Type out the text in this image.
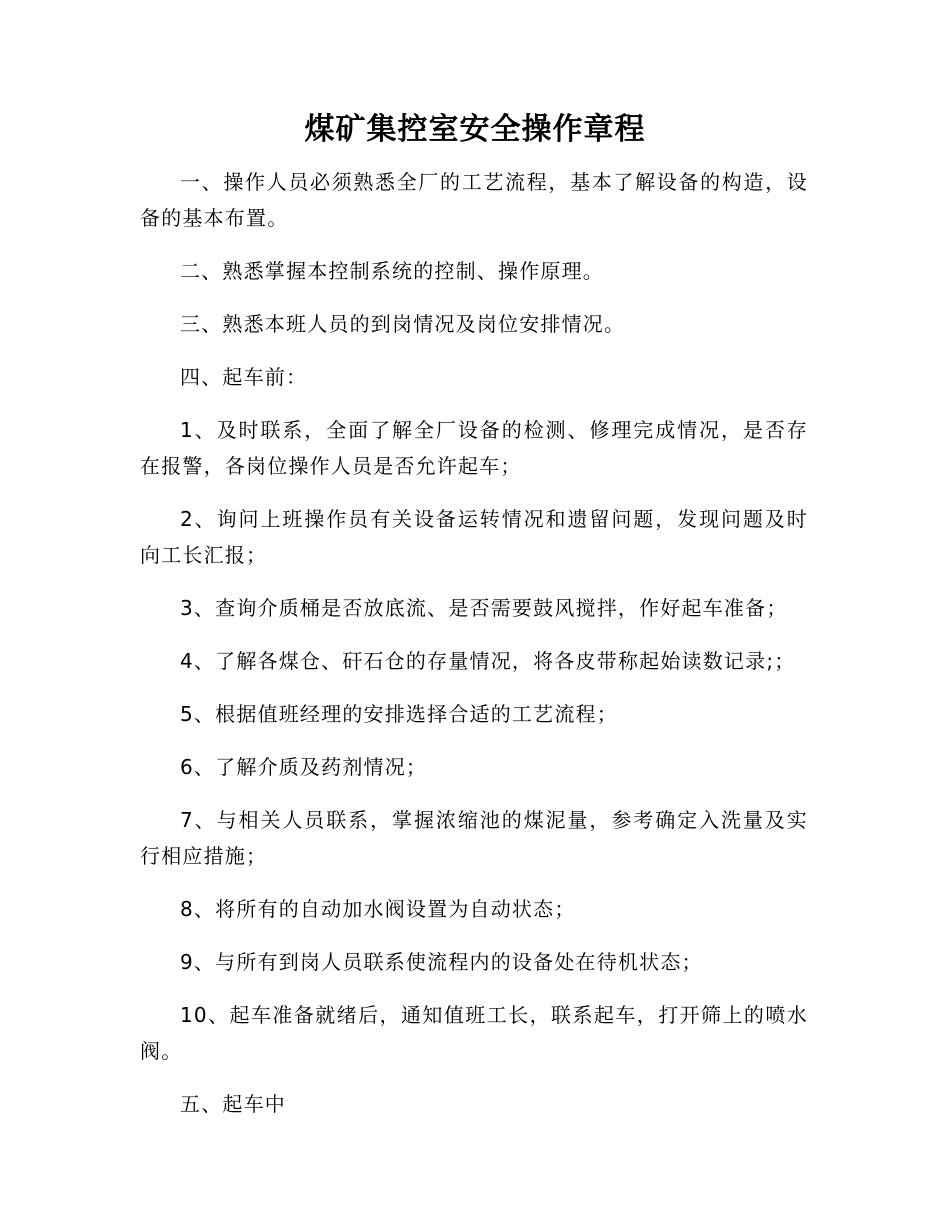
煤矿集控室安全操作章程

一、操作人员必须熟悉全厂的工艺流程，基本了解设备的构造，设备的基本布置。

二、熟悉掌握本控制系统的控制、操作原理。

三、熟悉本班人员的到岗情况及岗位安排情况。

四、起车前：

1、及时联系，全面了解全厂设备的检测、修理完成情况，是否存在报警，各岗位操作人员是否允许起车；

2、询问上班操作员有关设备运转情况和遗留问题，发现问题及时向工长汇报；

3、查询介质桶是否放底流、是否需要鼓风搅拌，作好起车准备；

4、了解各煤仓、矸石仓的存量情况，将各皮带称起始读数记录;；

5、根据值班经理的安排选择合适的工艺流程；

6、了解介质及药剂情况；

7、与相关人员联系，掌握浓缩池的煤泥量，参考确定入洗量及实行相应措施；

8、将所有的自动加水阀设置为自动状态；

9、与所有到岗人员联系使流程内的设备处在待机状态；

10、起车准备就绪后，通知值班工长，联系起车，打开筛上的喷水阀。

五、起车中
